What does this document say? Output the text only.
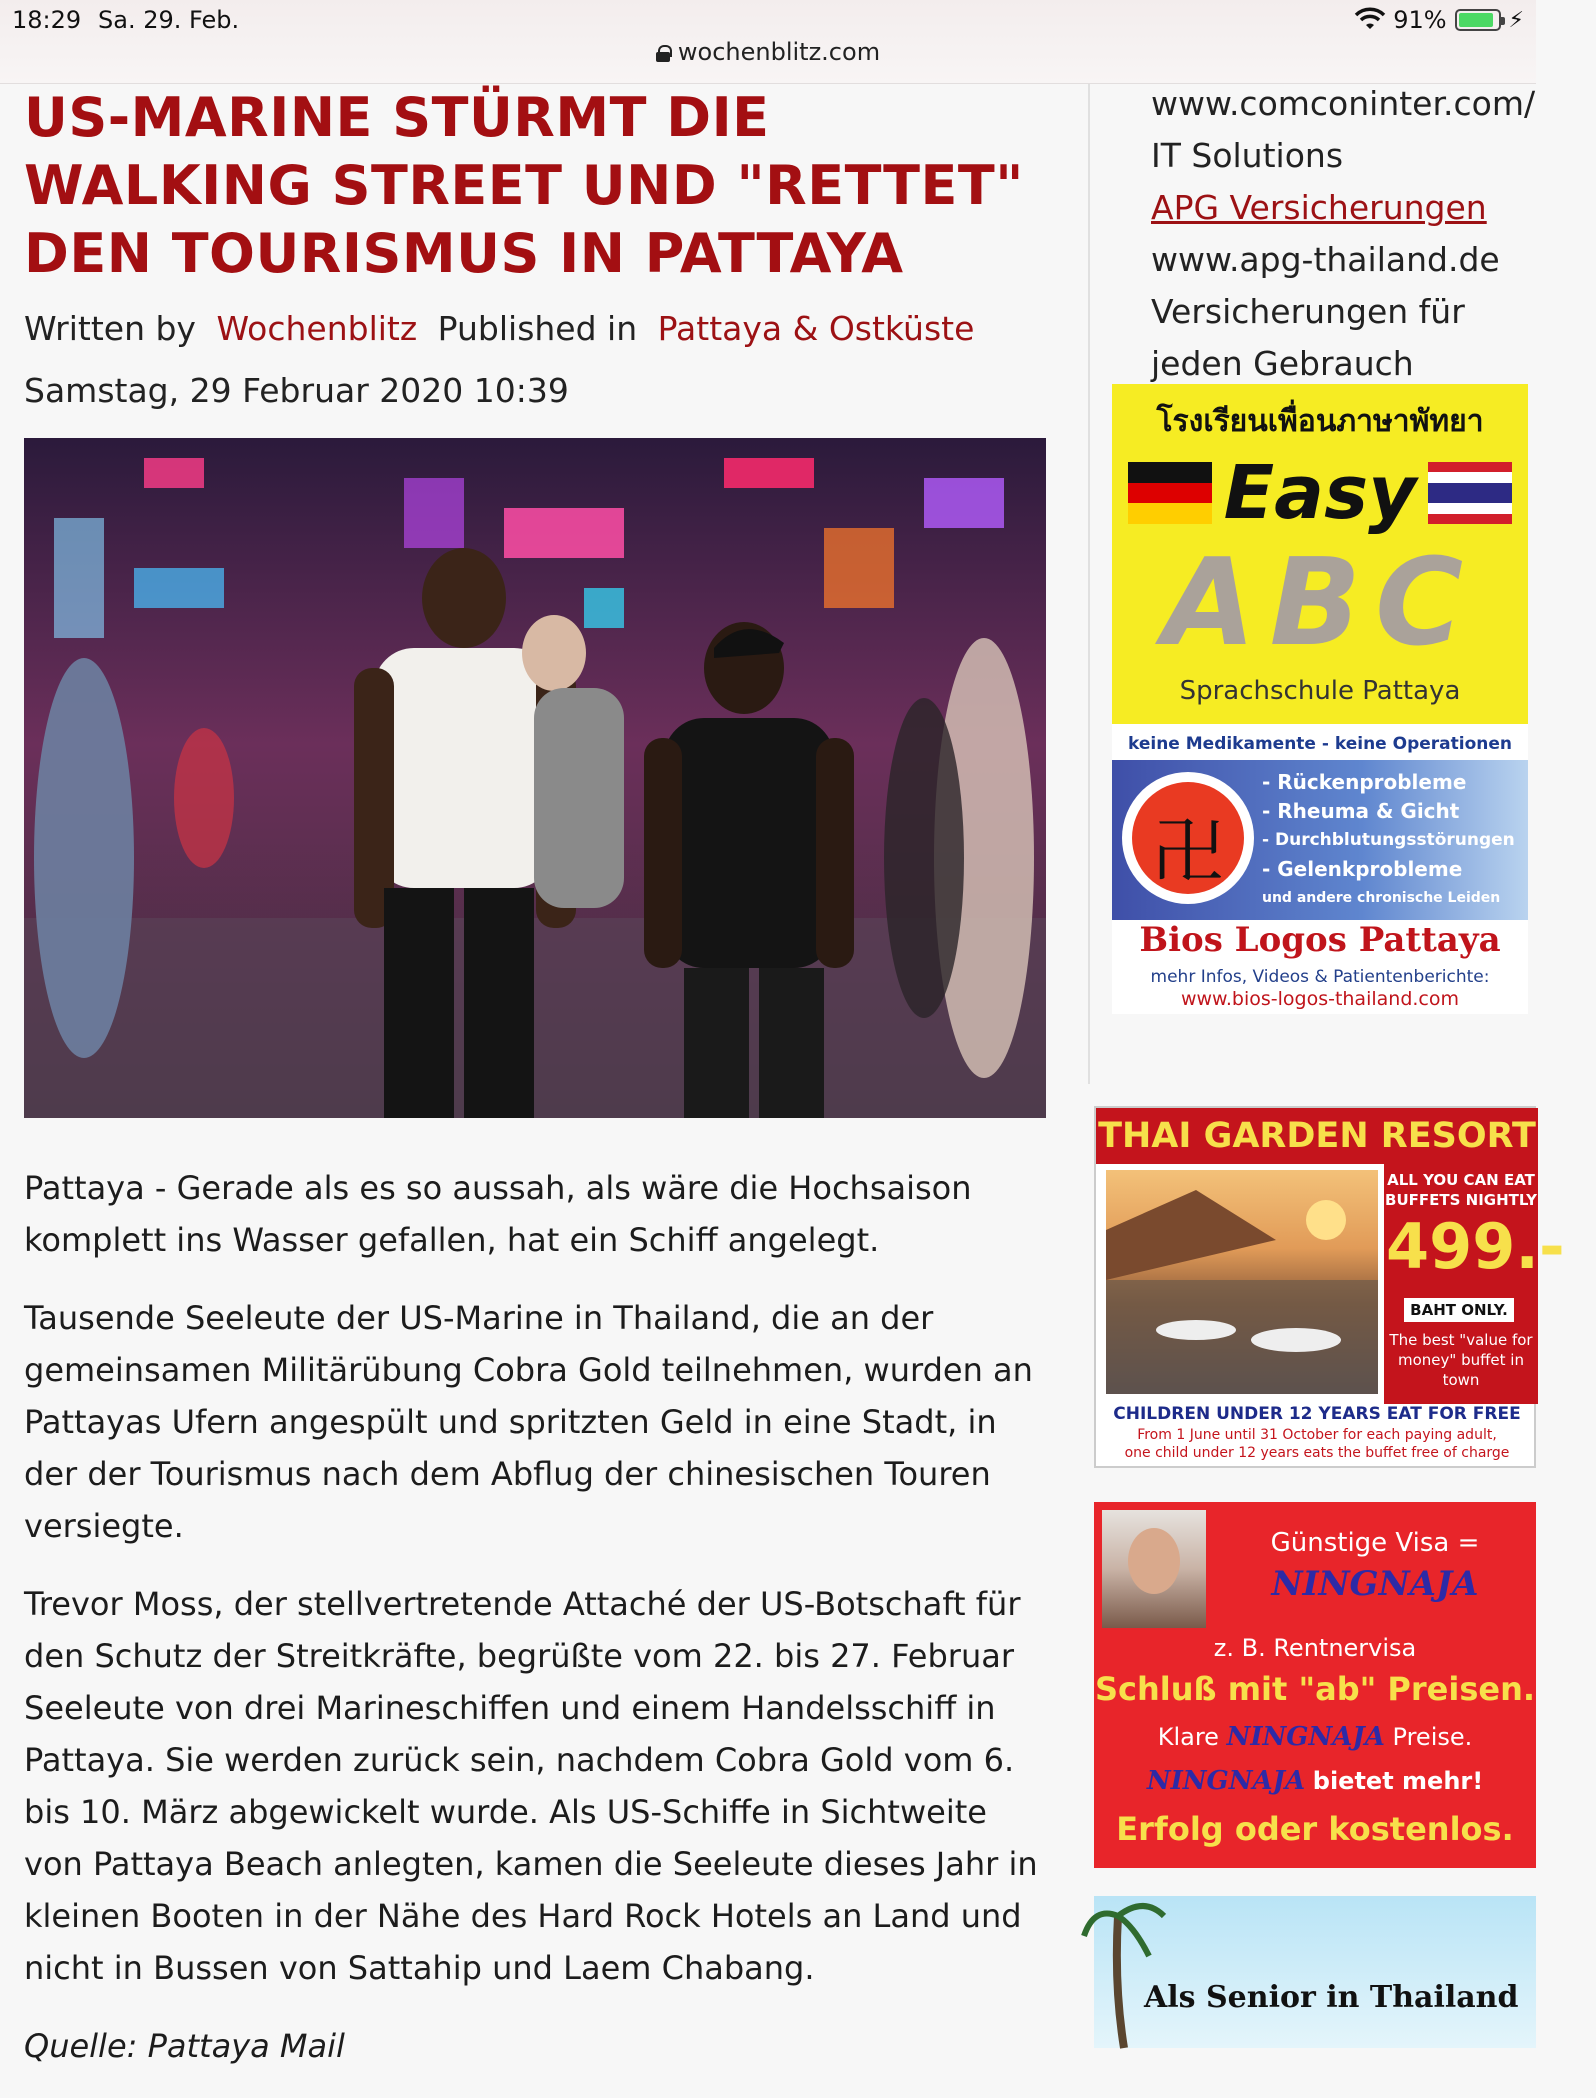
18:29 Sa. 29. Feb.	91%	⚡
wochenblitz.com
US-MARINE STÜRMT DIE WALKING STREET UND "RETTET" DEN TOURISMUS IN PATTAYA
Written by Wochenblitz Published in Pattaya & Ostküste
Samstag, 29 Februar 2020 10:39

Pattaya - Gerade als es so aussah, als wäre die Hochsaison komplett ins Wasser gefallen, hat ein Schiff angelegt.

Tausende Seeleute der US-Marine in Thailand, die an der gemeinsamen Militärübung Cobra Gold teilnehmen, wurden an Pattayas Ufern angespült und spritzten Geld in eine Stadt, in der der Tourismus nach dem Abflug der chinesischen Touren versiegte.

Trevor Moss, der stellvertretende Attaché der US-Botschaft für den Schutz der Streitkräfte, begrüßte vom 22. bis 27. Februar Seeleute von drei Marineschiffen und einem Handelsschiff in Pattaya. Sie werden zurück sein, nachdem Cobra Gold vom 6. bis 10. März abgewickelt wurde. Als US-Schiffe in Sichtweite von Pattaya Beach anlegten, kamen die Seeleute dieses Jahr in kleinen Booten in der Nähe des Hard Rock Hotels an Land und nicht in Bussen von Sattahip und Laem Chabang.

Quelle: Pattaya Mail

www.comconinter.com/
IT Solutions
APG Versicherungen
www.apg-thailand.de
Versicherungen für
jeden Gebrauch
โรงเรียนเพื่อนภาษาพัทยา
Easy
ABC
Sprachschule Pattaya
keine Medikamente - keine Operationen
卍
- Rückenprobleme
- Rheuma & Gicht
- Durchblutungsstörungen
- Gelenkprobleme
und andere chronische Leiden
Bios Logos Pattaya
mehr Infos, Videos & Patientenberichte:
www.bios-logos-thailand.com
THAI GARDEN RESORT
ALL YOU CAN EAT BUFFETS NIGHTLY
499.-
BAHT ONLY.
The best "value for money" buffet in town
CHILDREN UNDER 12 YEARS EAT FOR FREE
From 1 June until 31 October for each paying adult,
one child under 12 years eats the buffet free of charge
Günstige Visa =
NINGNAJA
z. B. Rentnervisa
Schluß mit "ab" Preisen.
Klare NINGNAJA Preise.
NINGNAJA bietet mehr!
Erfolg oder kostenlos.
Als Senior in Thailand
